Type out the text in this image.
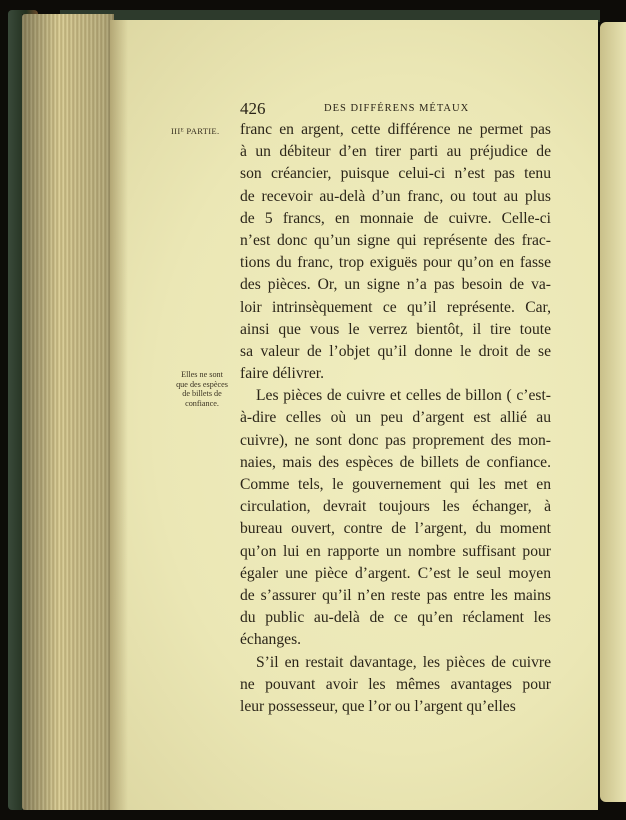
426	DES DIFFÉRENS MÉTAUX
IIIᴱ PARTIE.
Elles ne sont
que des espèces
de billets de
confiance.
franc en argent, cette différence ne permet pas
à un débiteur d’en tirer parti au préjudice de
son créancier, puisque celui-ci n’est pas tenu
de recevoir au-delà d’un franc, ou tout au plus
de 5 francs, en monnaie de cuivre. Celle-ci
n’est donc qu’un signe qui représente des frac-
tions du franc, trop exiguës pour qu’on en fasse
des pièces. Or, un signe n’a pas besoin de va-
loir intrinsèquement ce qu’il représente. Car,
ainsi que vous le verrez bientôt, il tire toute
sa valeur de l’objet qu’il donne le droit de se
faire délivrer.
Les pièces de cuivre et celles de billon ( c’est-
à-dire celles où un peu d’argent est allié au
cuivre), ne sont donc pas proprement des mon-
naies, mais des espèces de billets de confiance.
Comme tels, le gouvernement qui les met en
circulation, devrait toujours les échanger, à
bureau ouvert, contre de l’argent, du moment
qu’on lui en rapporte un nombre suffisant pour
égaler une pièce d’argent. C’est le seul moyen
de s’assurer qu’il n’en reste pas entre les mains
du public au-delà de ce qu’en réclament les
échanges.
S’il en restait davantage, les pièces de cuivre
ne pouvant avoir les mêmes avantages pour
leur possesseur, que l’or ou l’argent qu’elles
